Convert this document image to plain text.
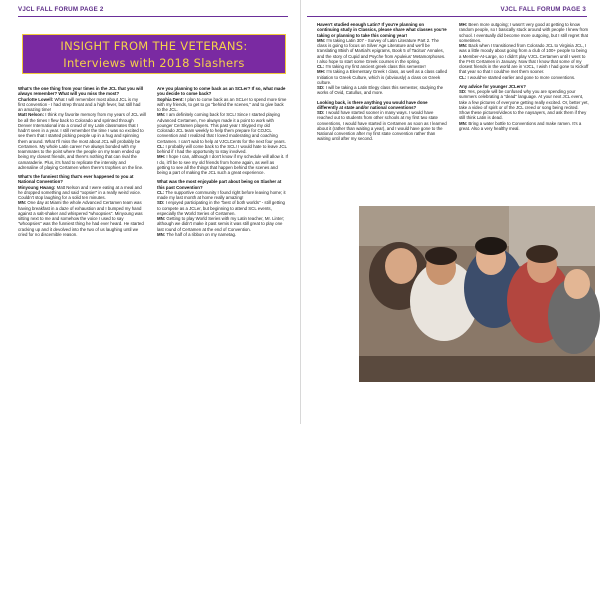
VJCL FALL FORUM PAGE 2
INSIGHT FROM THE VETERANS:
Interviews with 2018 Slashers

What's the one thing from your times in the JCL that you will always remember? What will you miss the most?

Charlotte Lowell: What I will remember most about JCL is my first convention - I had strep throat and a high fever, but still had an amazing time!

Matt Nelson: I think my favorite memory from my years of JCL will be all the times I flew back to Colorado and sprinted through Denver International into a crowd of my Latin classmates that I hadn't seen in a year. I still remember the time I was so excited to see them that I started picking people up in a hug and spinning them around. What I'll miss the most about JCL will probably be Certamen. My whole Latin career I've always bonded with my teammates to the point where the people on my team ended up being my closest friends, and there's nothing that can rival the camaraderie. Plus, it's hard to replicate the intensity and adrenaline of playing Certamen when there's trophies on the line.

What's the funniest thing that's ever happened to you at National Convention?

Minyoung Hwang: Matt Nelson and I were eating at a meal and he dropped something and said "oopsie!" in a really weird voice. Couldn't stop laughing for a solid ten minutes.

MN: One day at Miami the whole Advanced Certamen team was having breakfast in a daze of exhaustion and I bumped my hand against a salt-shaker and whispered "whoopsies". Minyoung was sitting next to me and somehow the voice I used to say "whoopsies" was the funniest thing he had ever heard. He started cracking up and it devolved into the two of us laughing until we cried for no discernible reason.

Are you planning to come back as an SCLer? If so, what made you decide to come back?

Sophia Dent: I plan to come back as an SCLer to spend more time with my friends, to get to go "behind the scenes," and to give back to the JCL.

MN: I am definitely coming back for SCL! Since I started playing Advanced Certamen, I've always made it a point to work with younger Certamen players. This past year I Skyped my old Colorado JCL team weekly to help them prepare for COJCL convention and I realized that I loved moderating and coaching Certamen. I can't wait to help at VJCLCents for the next four years.

CL: I probably will come back to the SCL! I would hate to leave JCL behind if I had the opportunity to stay involved.

MH: I hope I can, although I don't know if my schedule will allow it. If I do, it'll be to see my old friends from home again, as well as getting to see all the things that happen behind the scenes and being a part of making the JCL such a great experience.

What was the most enjoyable part about being on Slasher at this past Convention?

CL: The supportive community I found right before leaving home; it made my last month at home really amazing!

SD: I enjoyed participating in the "best of both worlds" - still getting to compete as a JCLer, but beginning to attend SCL events, especially the World Series of Certamen.

MN: Getting to play World Series with my Latin teacher, Mr. Linter; although we didn't make it past semis it was still great to play one last round of Certamen at the end of Convention.

MN: The half of a ribbon on my nametag.

VJCL FALL FORUM PAGE 3

Haven't studied enough Latin? If you're planning on continuing study in Classics, please share what classes you're taking or planning to take this coming year!

MN: I'm taking Latin 307 - Survey of Latin Literature Part 2. The class is going to focus on Silver Age Literature and we'll be translating 85ish of Martial's epigrams, Book 5 of Tacitus' Annales, and the story of Cupid and Psyche from Apuleius' Metamorphoses. I also hope to start some Greek courses in the spring.

CL: I'm taking my first ancient greek class this semester!

MH: I'm taking a Elementary Greek I class, as well as a class called Initiation to Greek Culture, which is (obviously) a class on Greek culture.

SD: I will be taking a Latin Elegy class this semester, studying the works of Ovid, Catullus, and more.

Looking back, is there anything you would have done differently at state and/or national conventions?

SD: I would have started sooner in many ways. I would have reached out to students from other schools at my first two state conventions, I would have started in Certamen as soon as I learned about it (rather than waiting a year), and I would have gone to the National convention after my first state convention rather than waiting until after my second.

MH: Been more outgoing; I wasn't very good at getting to know random people, so I basically stuck around with people I knew from school. I eventually did become more outgoing, but I still regret that sometimes.

MN: Back when I transitioned from Colorado JCL to Virginia JCL, I was a little moody about going from a club of 100+ people to being a Member-At-Large, so I didn't play VJCL Certamen until I went to the FHS Certamen in January. Now that I know that some of my closest friends in the world are in VJCL, I wish I had gone to Kickoff that year so that I could've met them sooner.

CL: I would've started earlier and gone to more conventions.

Any advice for younger JCLers?

SD: Yes, people will be confused why you are spending your summers celebrating a "dead" language. At your next JCL event, take a few pictures of everyone getting really excited. Or, better yet, take a video of spirit or of the JCL creed or song being recited. Show these pictures/videos to the naysayers, and ask them if they still think Latin is dead.

MN: Bring a water bottle to Conventions and make ramen. It's a great. Also a very healthy meal.

(l-r) Ian Hochberg, John Kim, Minyoung Hwang, Matt Nelson, Simon Van Der Weide
